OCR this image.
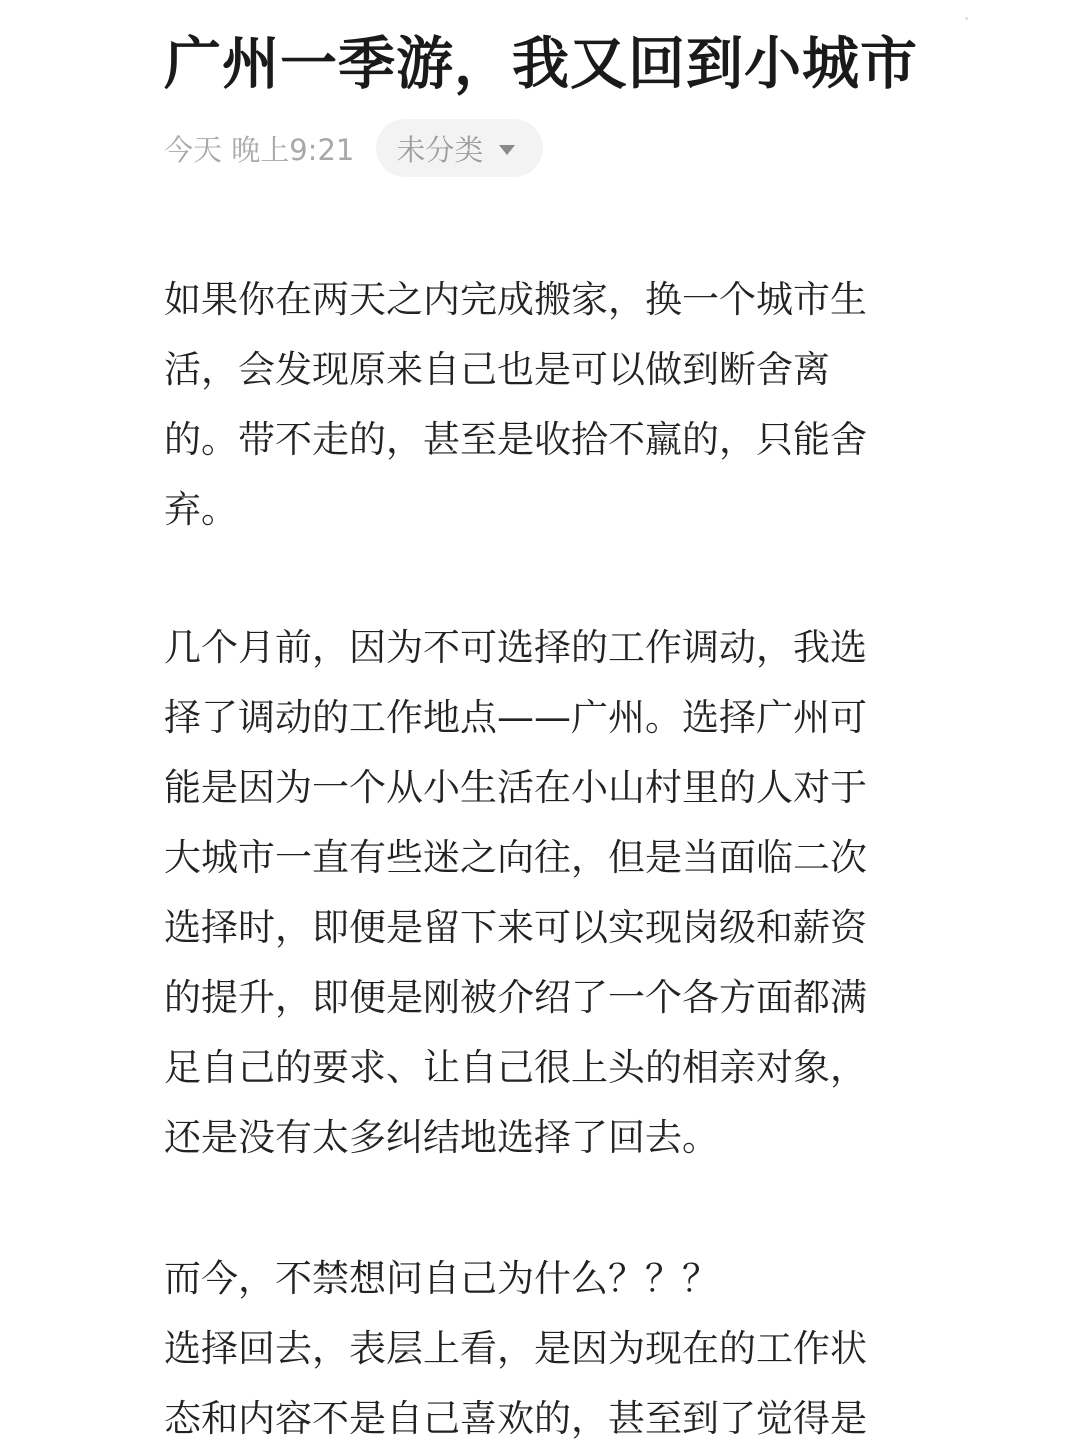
广州一季游，我又回到小城市
今天 晚上9:21 未分类

如果你在两天之内完成搬家，换一个城市生
活，会发现原来自己也是可以做到断舍离
的。带不走的，甚至是收拾不羸的，只能舍
弃。

几个月前，因为不可选择的工作调动，我选
择了调动的工作地点——广州。选择广州可
能是因为一个从小生活在小山村里的人对于
大城市一直有些迷之向往，但是当面临二次
选择时，即便是留下来可以实现岗级和薪资
的提升，即便是刚被介绍了一个各方面都满
足自己的要求、让自己很上头的相亲对象，
还是没有太多纠结地选择了回去。

而今，不禁想问自己为什么？？？
选择回去，表层上看，是因为现在的工作状
态和内容不是自己喜欢的，甚至到了觉得是
